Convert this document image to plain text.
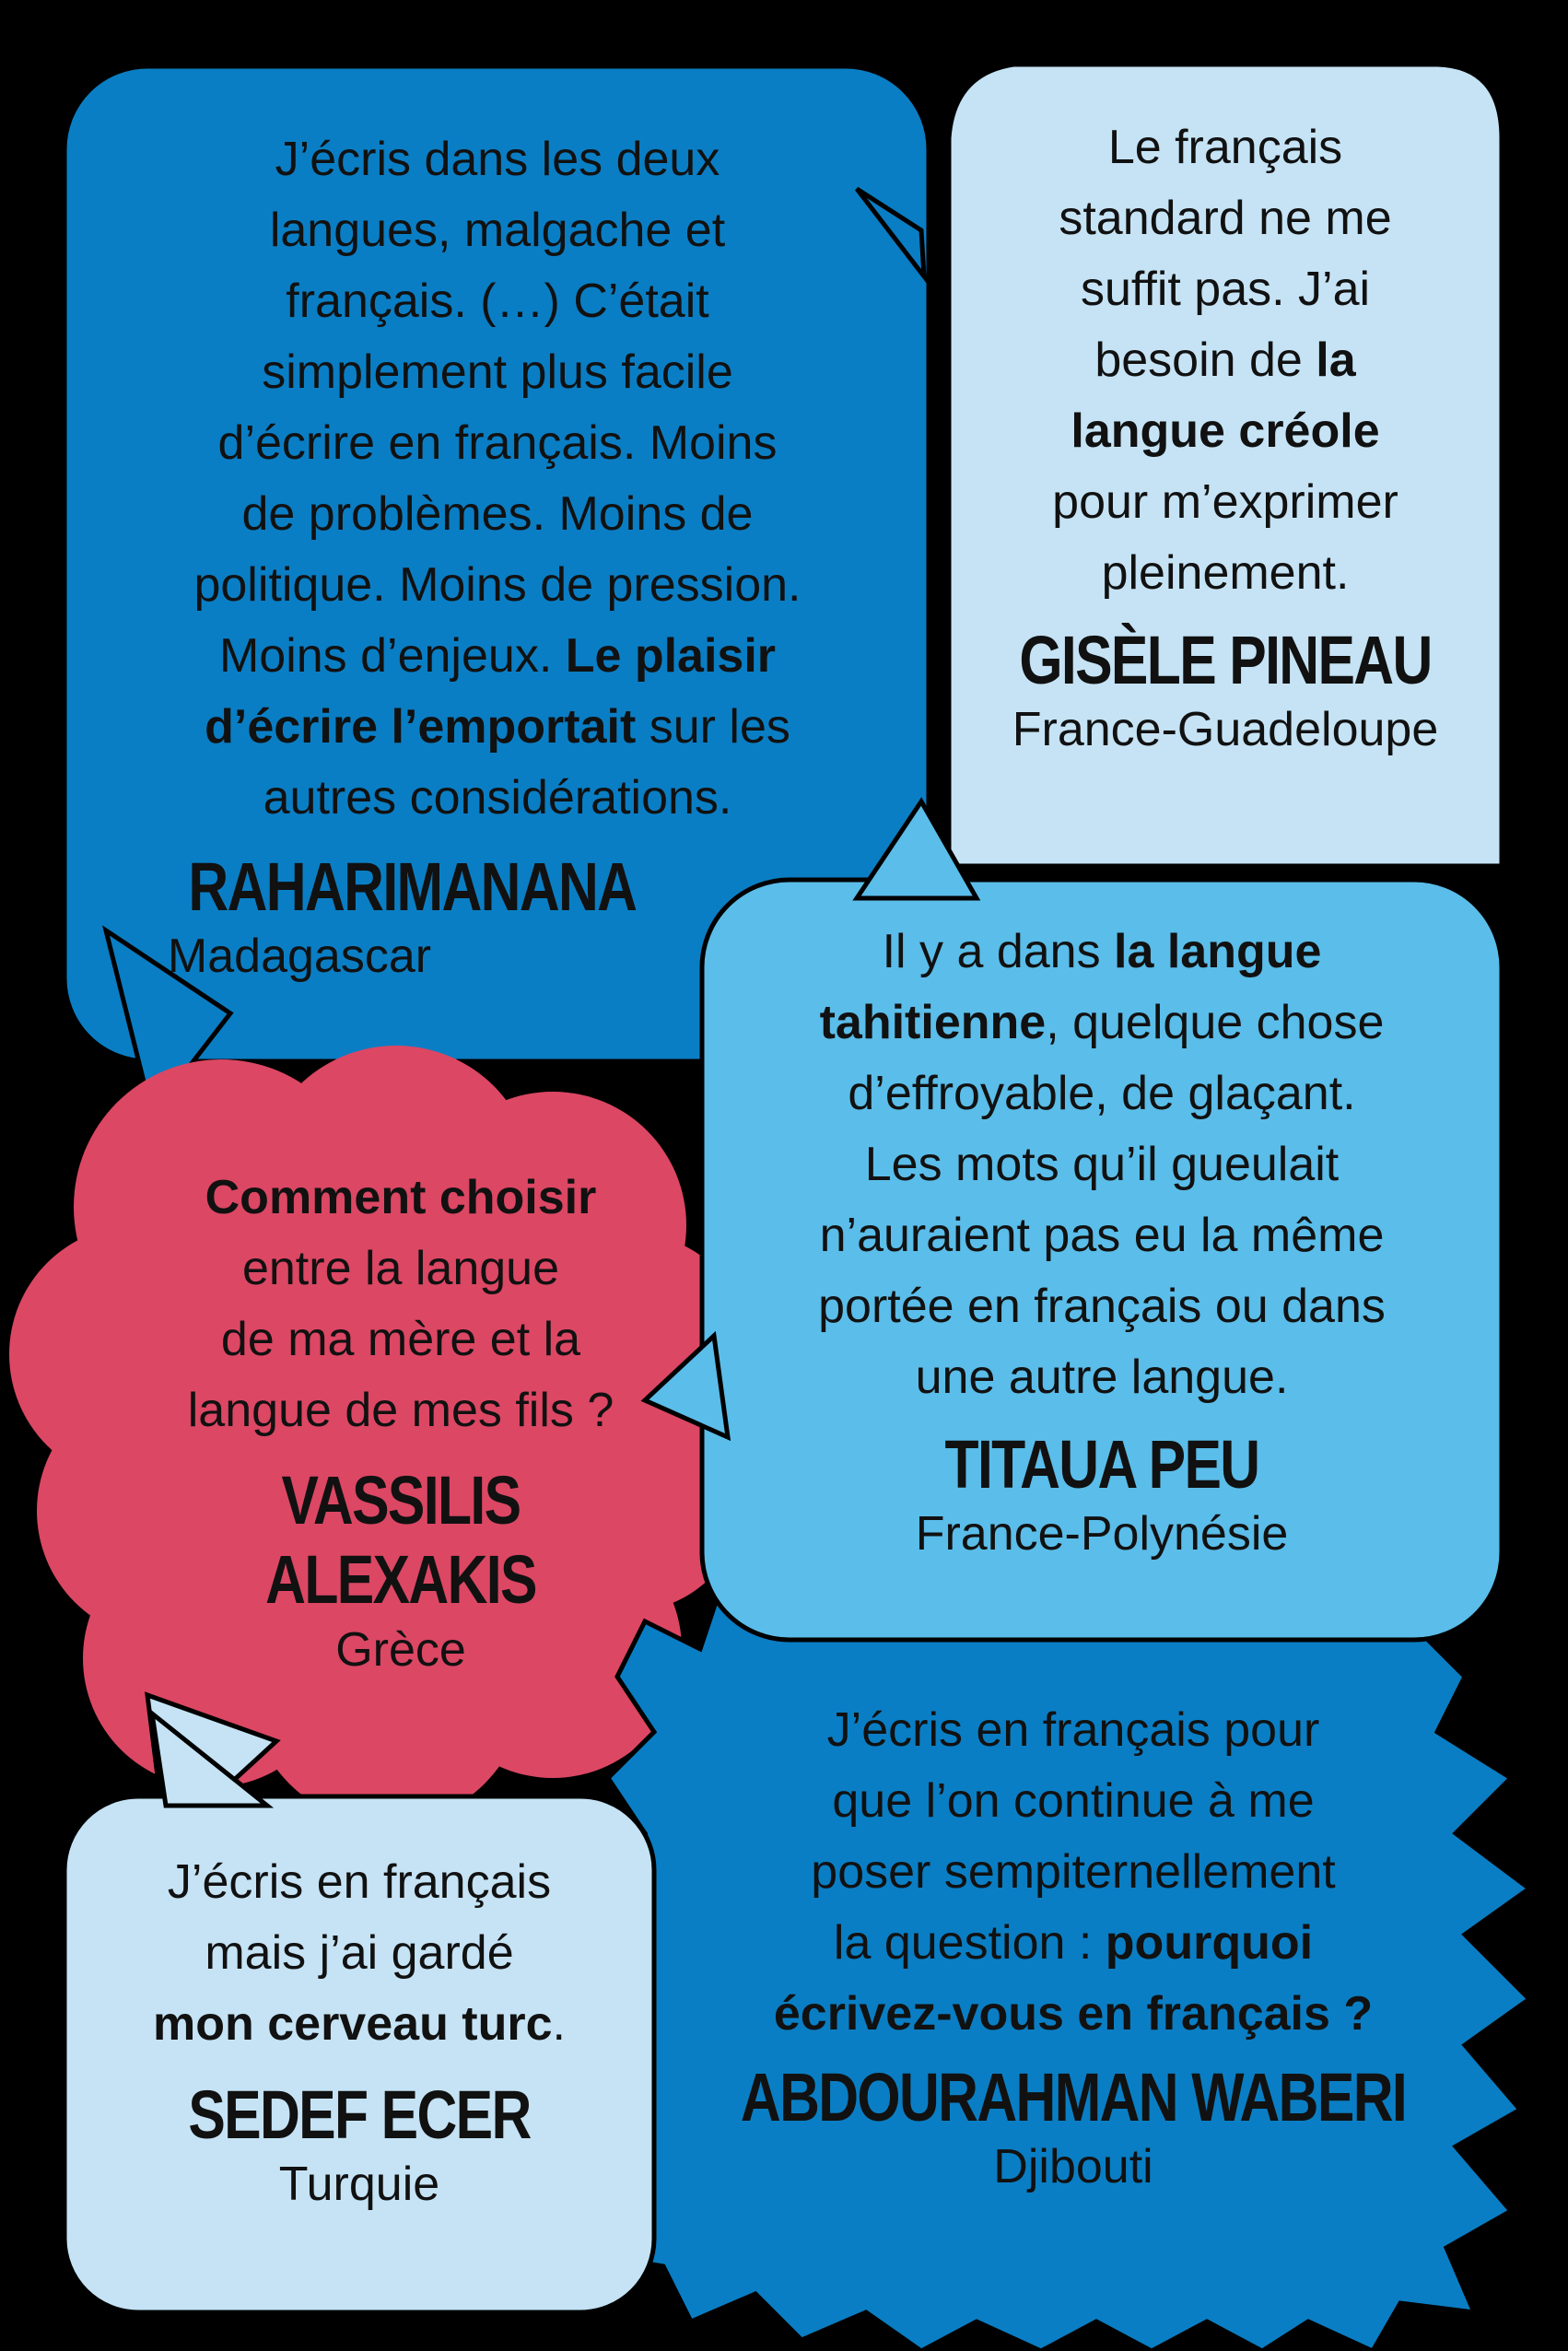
J’écris dans les deux
langues, malgache et
français. (…) C’était
simplement plus facile
d’écrire en français. Moins
de problèmes. Moins de
politique. Moins de pression.
Moins d’enjeux. Le plaisir
d’écrire l’emportait sur les
autres considérations.

RAHARIMANANA

Madagascar

Le français
standard ne me
suffit pas. J’ai
besoin de la
langue créole
pour m’exprimer
pleinement.

GISÈLE PINEAU

France-Guadeloupe

Il y a dans la langue
tahitienne, quelque chose
d’effroyable, de glaçant.
Les mots qu’il gueulait
n’auraient pas eu la même
portée en français ou dans
une autre langue.

TITAUA PEU

France-Polynésie

Comment choisir
entre la langue
de ma mère et la
langue de mes fils ?

VASSILIS
ALEXAKIS

Grèce

J’écris en français
mais j’ai gardé
mon cerveau turc.

SEDEF ECER

Turquie

J’écris en français pour
que l’on continue à me
poser sempiternellement
la question : pourquoi
écrivez-vous en français ?

ABDOURAHMAN WABERI

Djibouti
